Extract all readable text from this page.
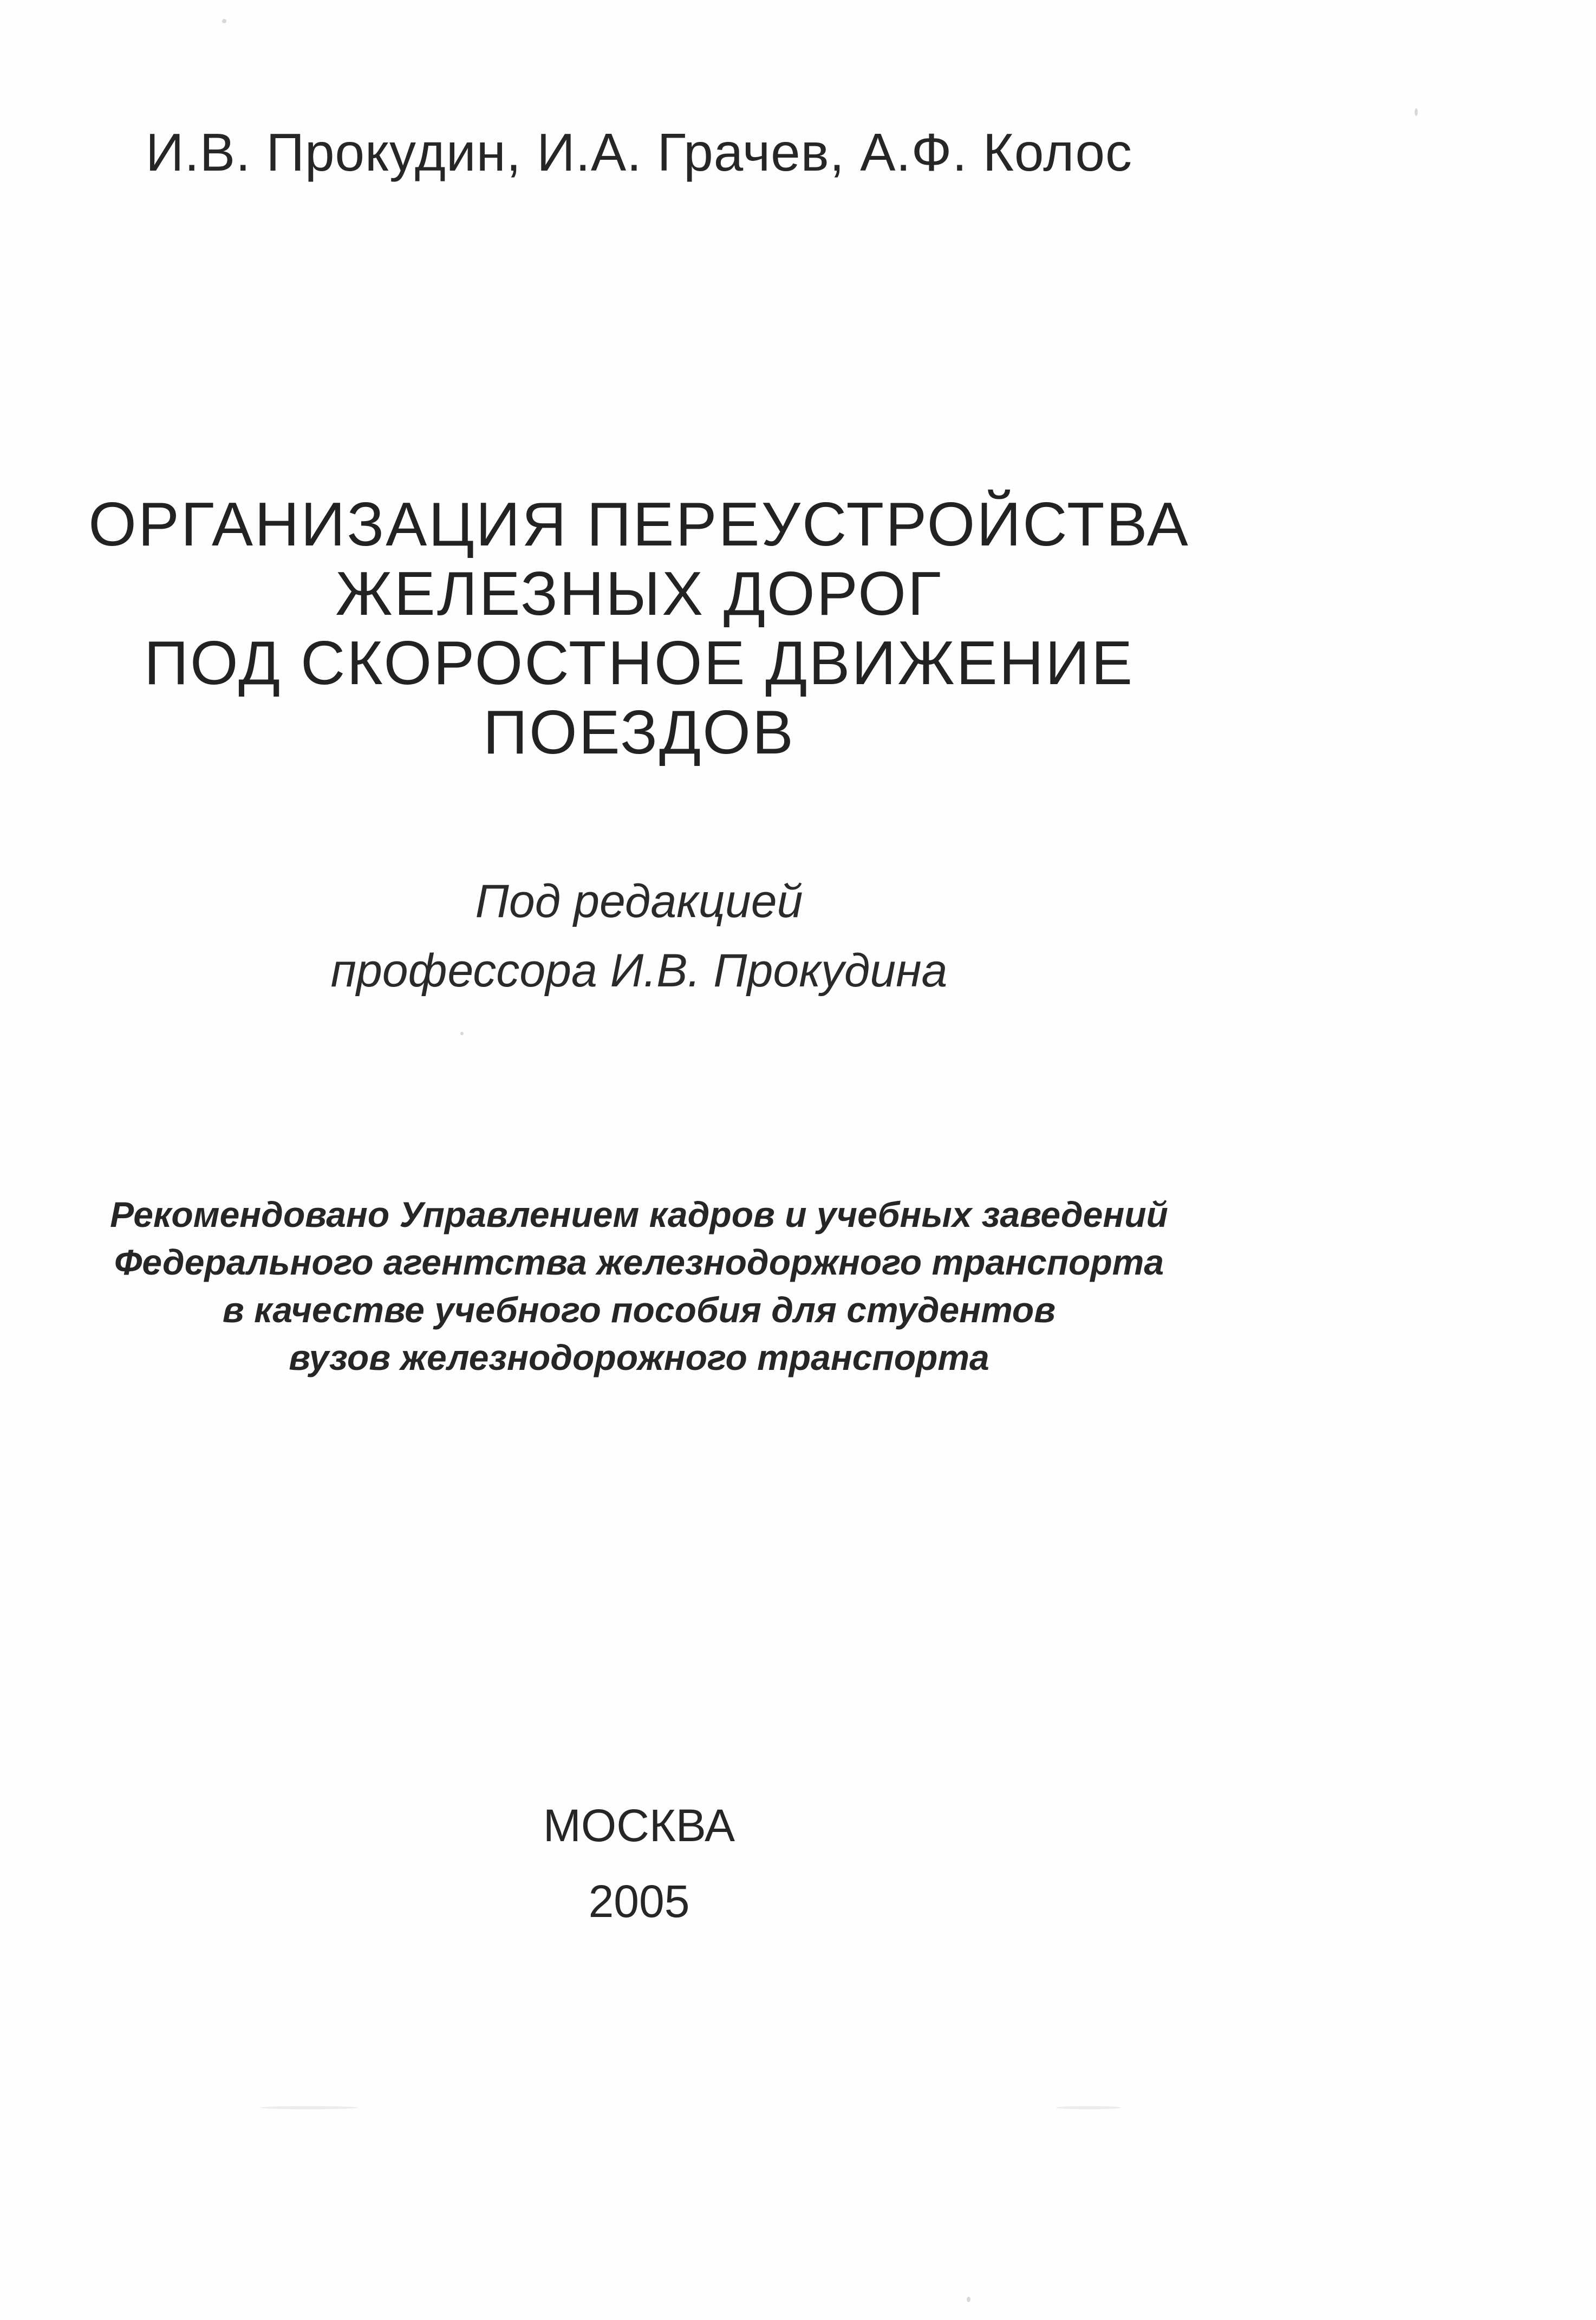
И.В. Прокудин, И.А. Грачев, А.Ф. Колос
ОРГАНИЗАЦИЯ ПЕРЕУСТРОЙСТВА
ЖЕЛЕЗНЫХ ДОРОГ
ПОД СКОРОСТНОЕ ДВИЖЕНИЕ
ПОЕЗДОВ
Под редакцией
профессора И.В. Прокудина
Рекомендовано Управлением кадров и учебных заведений
Федерального агентства железнодоржного транспорта
в качестве учебного пособия для студентов
вузов железнодорожного транспорта
МОСКВА
2005
